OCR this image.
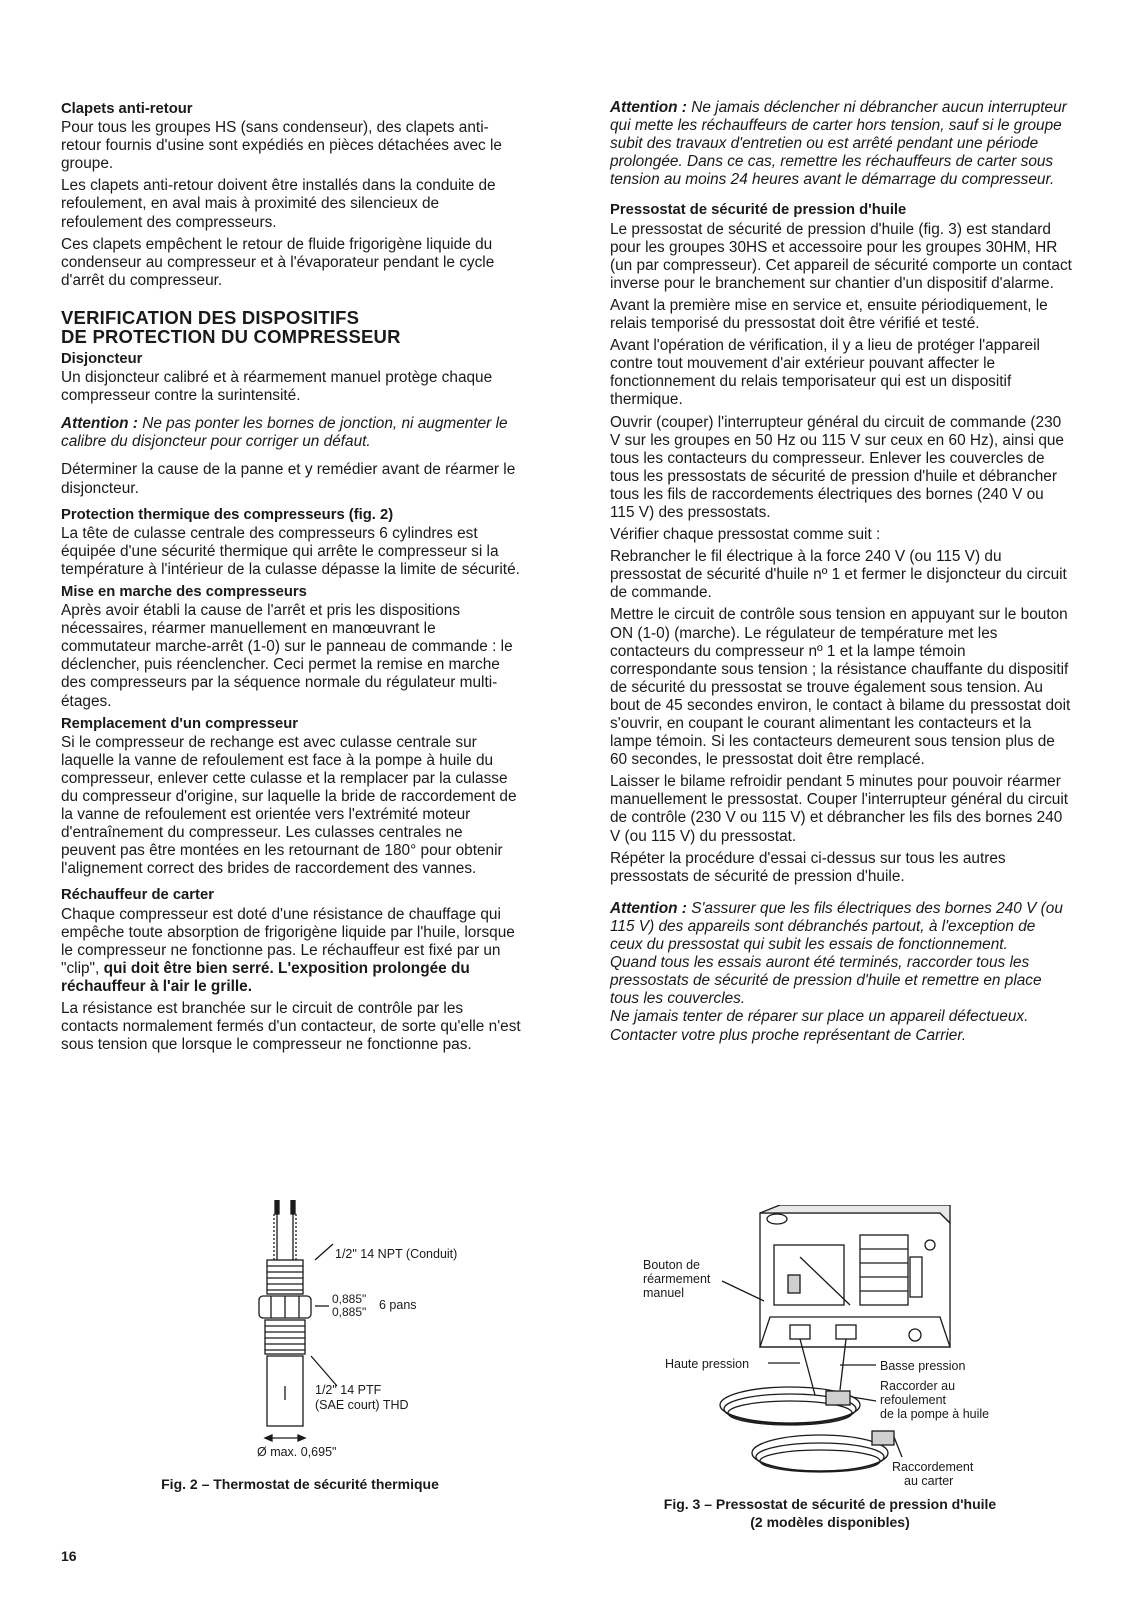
Clapets anti-retour

Pour tous les groupes HS (sans condenseur), des clapets anti-retour fournis d'usine sont expédiés en pièces détachées avec le groupe.

Les clapets anti-retour doivent être installés dans la conduite de refoulement, en aval mais à proximité des silencieux de refoulement des compresseurs.

Ces clapets empêchent le retour de fluide frigorigène liquide du condenseur au compresseur et à l'évaporateur pendant le cycle d'arrêt du compresseur.

VERIFICATION DES DISPOSITIFS
DE PROTECTION DU COMPRESSEUR
Disjoncteur

Un disjoncteur calibré et à réarmement manuel protège chaque compresseur contre la surintensité.

Attention : Ne pas ponter les bornes de jonction, ni augmenter le calibre du disjoncteur pour corriger un défaut.

Déterminer la cause de la panne et y remédier avant de réarmer le disjoncteur.

Protection thermique des compresseurs (fig. 2)

La tête de culasse centrale des compresseurs 6 cylindres est équipée d'une sécurité thermique qui arrête le compresseur si la température à l'intérieur de la culasse dépasse la limite de sécurité.

Mise en marche des compresseurs

Après avoir établi la cause de l'arrêt et pris les dispositions nécessaires, réarmer manuellement en manœuvrant le commutateur marche-arrêt (1-0) sur le panneau de commande : le déclencher, puis réenclencher. Ceci permet la remise en marche des compresseurs par la séquence normale du régulateur multi-étages.

Remplacement d'un compresseur

Si le compresseur de rechange est avec culasse centrale sur laquelle la vanne de refoulement est face à la pompe à huile du compresseur, enlever cette culasse et la remplacer par la culasse du compresseur d'origine, sur laquelle la bride de raccordement de la vanne de refoulement est orientée vers l'extrémité moteur d'entraînement du compresseur. Les culasses centrales ne peuvent pas être montées en les retournant de 180° pour obtenir l'alignement correct des brides de raccordement des vannes.

Réchauffeur de carter

Chaque compresseur est doté d'une résistance de chauffage qui empêche toute absorption de frigorigène liquide par l'huile, lorsque le compresseur ne fonctionne pas. Le réchauffeur est fixé par un "clip", qui doit être bien serré. L'exposition prolongée du réchauffeur à l'air le grille.

La résistance est branchée sur le circuit de contrôle par les contacts normalement fermés d'un contacteur, de sorte qu'elle n'est sous tension que lorsque le compresseur ne fonctionne pas.

Attention : Ne jamais déclencher ni débrancher aucun interrupteur qui mette les réchauffeurs de carter hors tension, sauf si le groupe subit des travaux d'entretien ou est arrêté pendant une période prolongée. Dans ce cas, remettre les réchauffeurs de carter sous tension au moins 24 heures avant le démarrage du compresseur.

Pressostat de sécurité de pression d'huile

Le pressostat de sécurité de pression d'huile (fig. 3) est standard pour les groupes 30HS et accessoire pour les groupes 30HM, HR (un par compresseur). Cet appareil de sécurité comporte un contact inverse pour le branchement sur chantier d'un dispositif d'alarme.

Avant la première mise en service et, ensuite périodiquement, le relais temporisé du pressostat doit être vérifié et testé.

Avant l'opération de vérification, il y a lieu de protéger l'appareil contre tout mouvement d'air extérieur pouvant affecter le fonctionnement du relais temporisateur qui est un dispositif thermique.

Ouvrir (couper) l'interrupteur général du circuit de commande (230 V sur les groupes en 50 Hz ou 115 V sur ceux en 60 Hz), ainsi que tous les contacteurs du compresseur. Enlever les couvercles de tous les pressostats de sécurité de pression d'huile et débrancher tous les fils de raccordements électriques des bornes (240 V ou 115 V) des pressostats.

Vérifier chaque pressostat comme suit :

Rebrancher le fil électrique à la force 240 V (ou 115 V) du pressostat de sécurité d'huile nº 1 et fermer le disjoncteur du circuit de commande.

Mettre le circuit de contrôle sous tension en appuyant sur le bouton ON (1-0) (marche). Le régulateur de température met les contacteurs du compresseur nº 1 et la lampe témoin correspondante sous tension ; la résistance chauffante du dispositif de sécurité du pressostat se trouve également sous tension. Au bout de 45 secondes environ, le contact à bilame du pressostat doit s'ouvrir, en coupant le courant alimentant les contacteurs et la lampe témoin. Si les contacteurs demeurent sous tension plus de 60 secondes, le pressostat doit être remplacé.

Laisser le bilame refroidir pendant 5 minutes pour pouvoir réarmer manuellement le pressostat. Couper l'interrupteur général du circuit de contrôle (230 V ou 115 V) et débrancher les fils des bornes 240 V (ou 115 V) du pressostat.

Répéter la procédure d'essai ci-dessus sur tous les autres pressostats de sécurité de pression d'huile.

Attention : S'assurer que les fils électriques des bornes 240 V (ou 115 V) des appareils sont débranchés partout, à l'exception de ceux du pressostat qui subit les essais de fonctionnement.

Quand tous les essais auront été terminés, raccorder tous les pressostats de sécurité de pression d'huile et remettre en place tous les couvercles.

Ne jamais tenter de réparer sur place un appareil défectueux. Contacter votre plus proche représentant de Carrier.

1/2" 14 NPT (Conduit)
0,885"
0,885" 6 pans
1/2" 14 PTF
(SAE court) THD
Ø max. 0,695"
Fig. 2 – Thermostat de sécurité thermique
Bouton de
réarmement
manuel
Haute pression	Basse pression
Raccorder au
refoulement
de la pompe à huile
Raccordement
au carter
Fig. 3 – Pressostat de sécurité de pression d'huile
(2 modèles disponibles)
16
